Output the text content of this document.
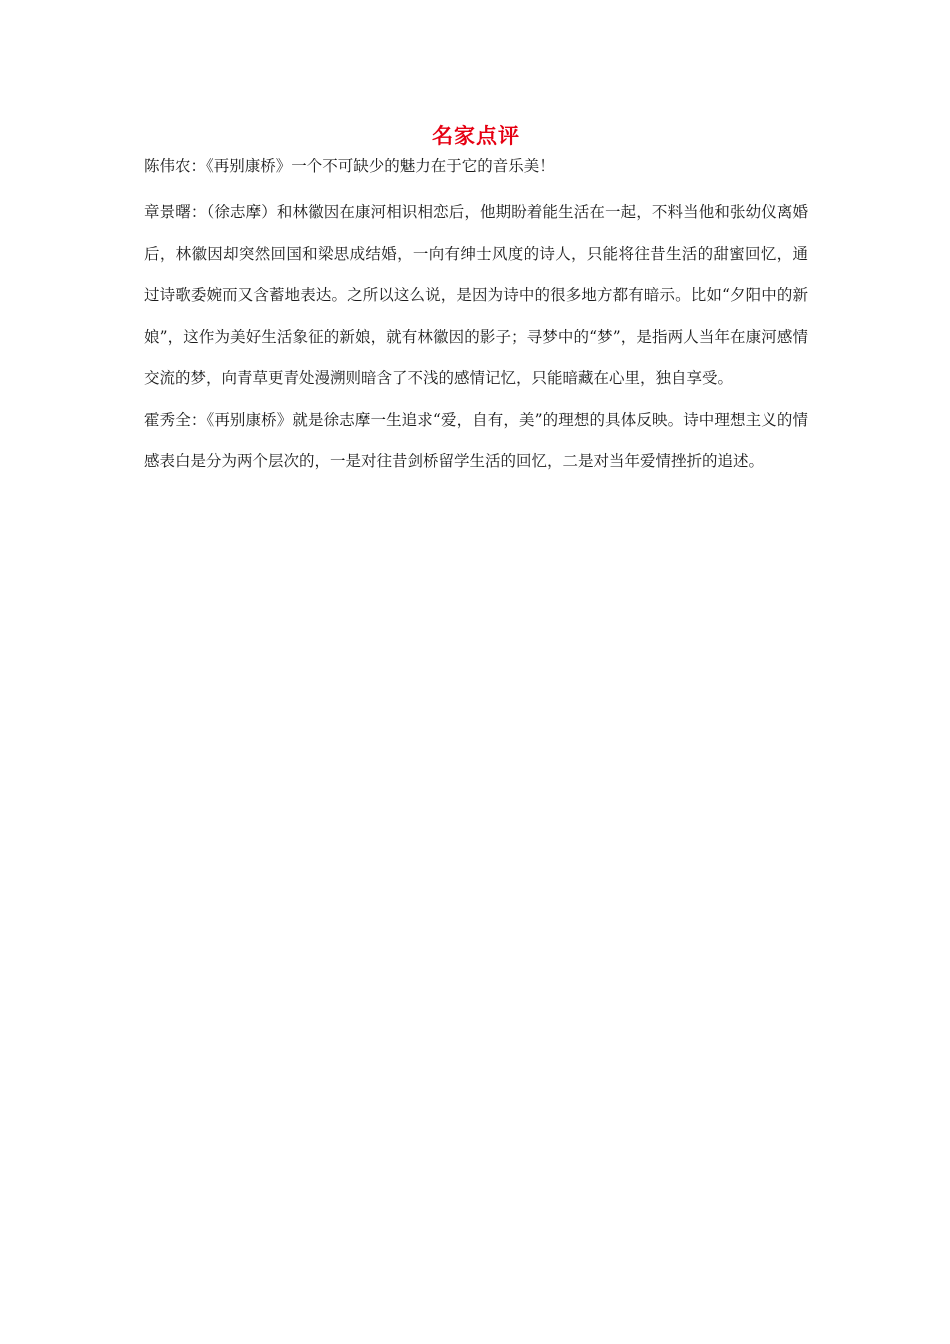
名家点评

陈伟农：《再别康桥》一个不可缺少的魅力在于它的音乐美！

章景曙：（徐志摩）和林徽因在康河相识相恋后，他期盼着能生活在一起，不料当他和张幼仪离婚后，林徽因却突然回国和梁思成结婚，一向有绅士风度的诗人，只能将往昔生活的甜蜜回忆，通过诗歌委婉而又含蓄地表达。之所以这么说，是因为诗中的很多地方都有暗示。比如“夕阳中的新娘”，这作为美好生活象征的新娘，就有林徽因的影子；寻梦中的“梦”，是指两人当年在康河感情交流的梦，向青草更青处漫溯则暗含了不浅的感情记忆，只能暗藏在心里，独自享受。

霍秀全：《再别康桥》就是徐志摩一生追求“爱，自有，美”的理想的具体反映。诗中理想主义的情感表白是分为两个层次的，一是对往昔剑桥留学生活的回忆，二是对当年爱情挫折的追述。
